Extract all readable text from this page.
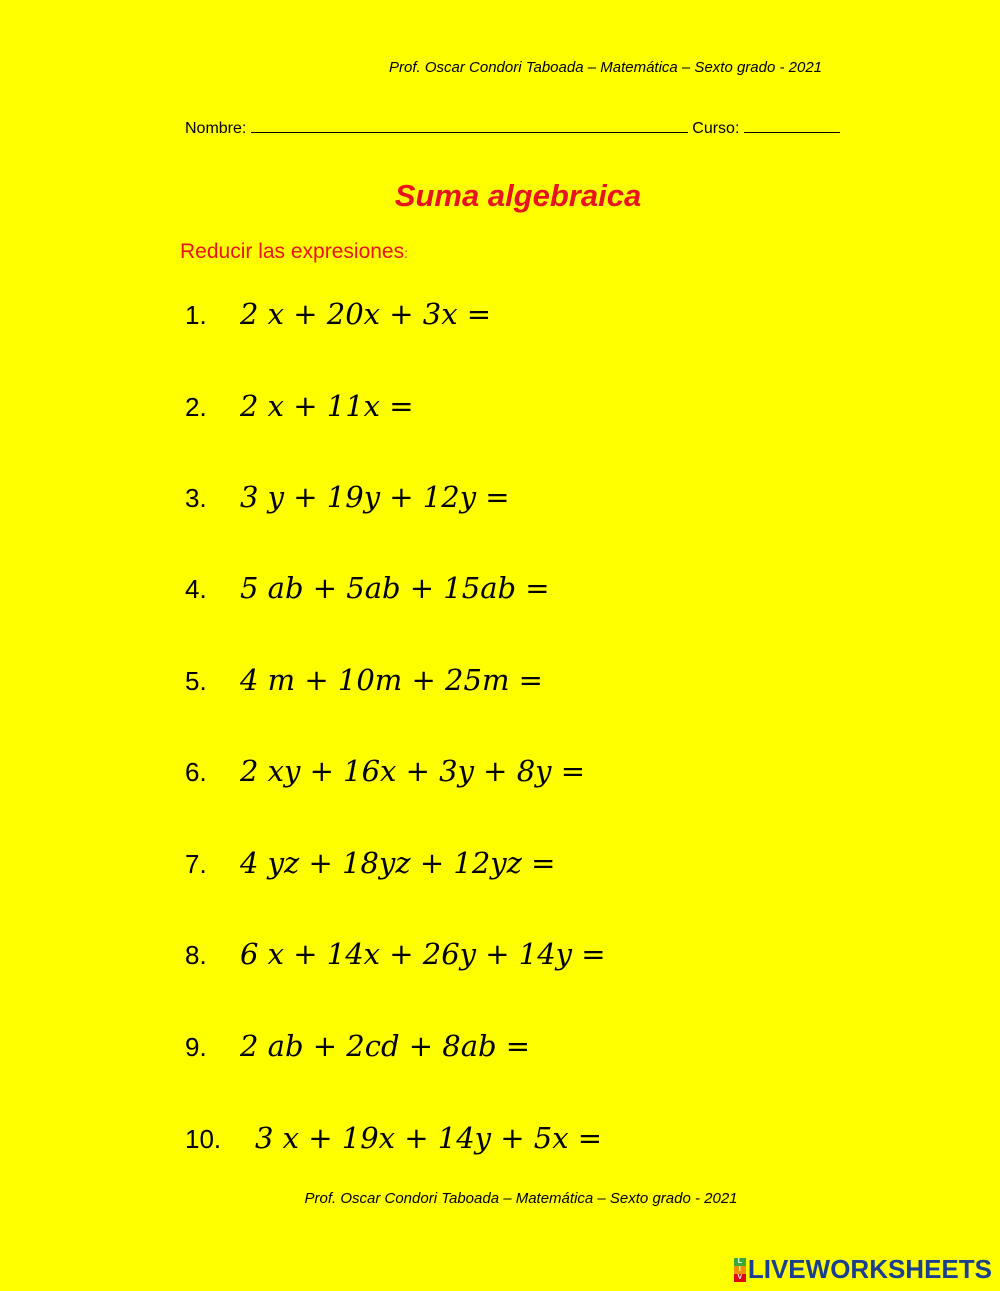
Prof. Oscar Condori Taboada – Matemática – Sexto grado - 2021
Nombre:	Curso:
Suma algebraica
Reducir las expresiones:
1. 2 x + 20x + 3x =
2. 2 x + 11x =
3. 3 y + 19y + 12y =
4. 5 ab + 5ab + 15ab =
5. 4 m + 10m + 25m =
6. 2 xy + 16x + 3y + 8y =
7. 4 yz + 18yz + 12yz =
8. 6 x + 14x + 26y + 14y =
9. 2 ab + 2cd + 8ab =
10. 3 x + 19x + 14y + 5x =
Prof. Oscar Condori Taboada – Matemática – Sexto grado - 2021
L
I
V LIVEWORKSHEETS
